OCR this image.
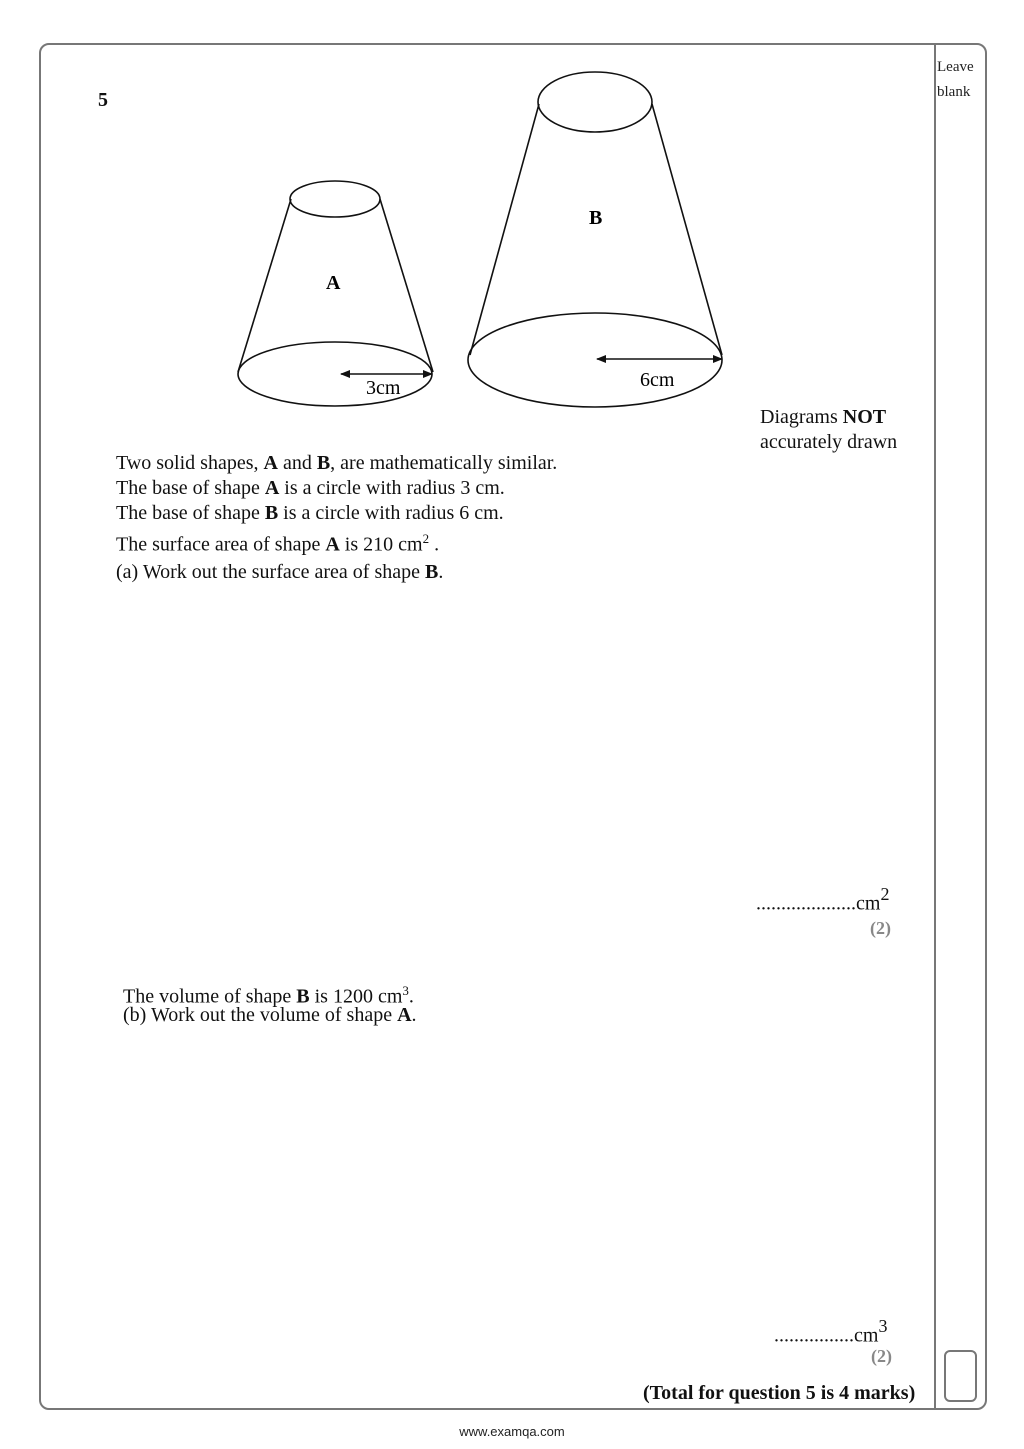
Leave
blank
5
A
B
3cm	6cm
Diagrams NOT
accurately drawn
Two solid shapes, A and B, are mathematically similar.
The base of shape A is a circle with radius 3 cm.
The base of shape B is a circle with radius 6 cm.
The surface area of shape A is 210 $cm^2$ .
(a) Work out the surface area of shape B.
$....................cm^2$
(2)
The volume of shape B is 1200 $cm^3$.
(b) Work out the volume of shape A.
$................cm^3$
(2)
(Total for question 5 is 4 marks)
www.examqa.com
